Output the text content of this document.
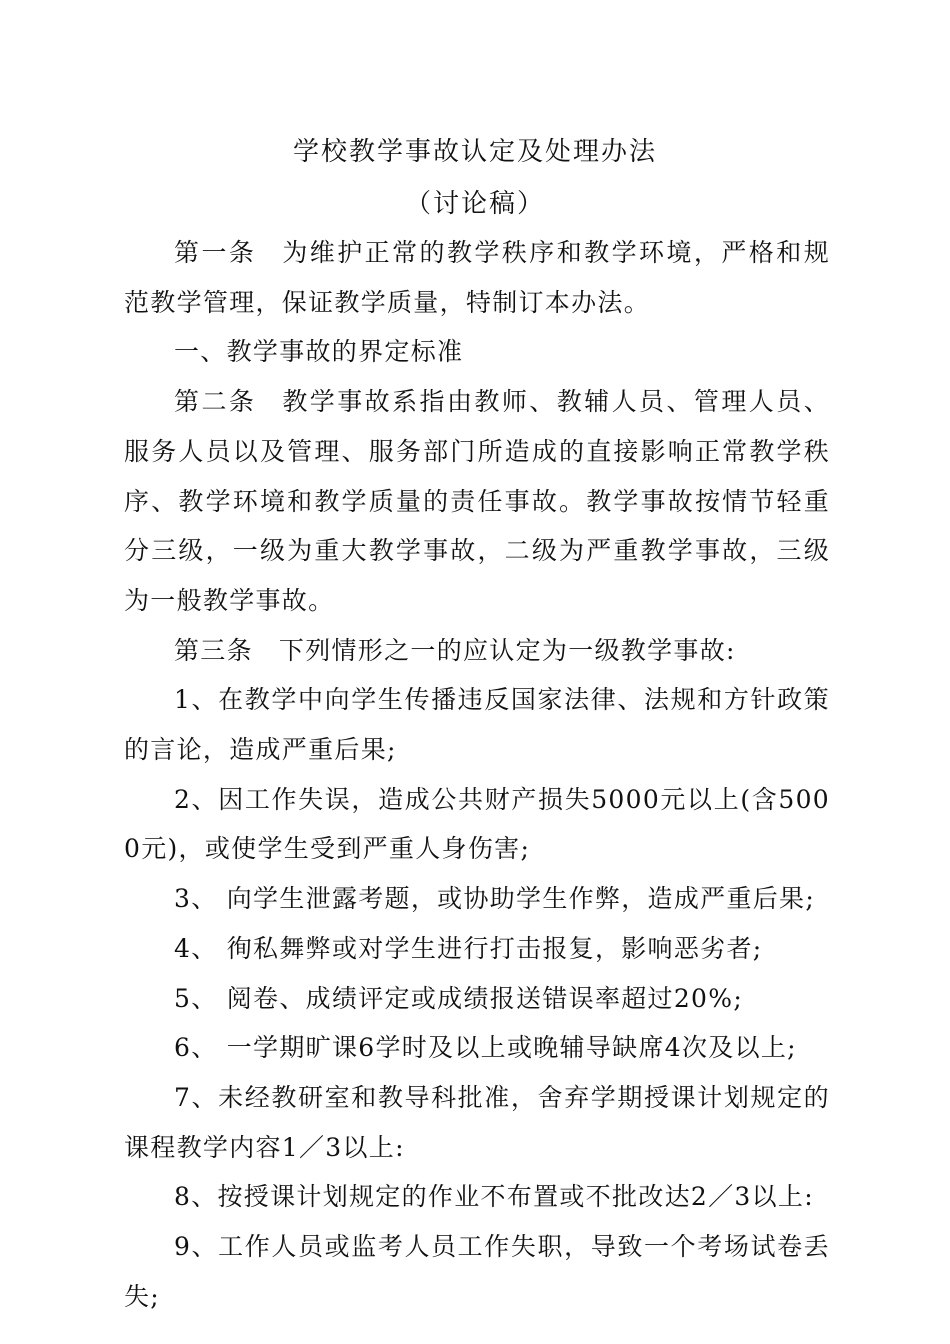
学校教学事故认定及处理办法
（讨论稿）

第一条 为维护正常的教学秩序和教学环境，严格和规范教学管理，保证教学质量，特制订本办法。

一、教学事故的界定标准

第二条 教学事故系指由教师、教辅人员、管理人员、服务人员以及管理、服务部门所造成的直接影响正常教学秩序、教学环境和教学质量的责任事故。教学事故按情节轻重分三级，一级为重大教学事故，二级为严重教学事故，三级为一般教学事故。

第三条 下列情形之一的应认定为一级教学事故:

1、在教学中向学生传播违反国家法律、法规和方针政策的言论，造成严重后果;

2、因工作失误，造成公共财产损失5000元以上(含5000元)，或使学生受到严重人身伤害;

3、 向学生泄露考题，或协助学生作弊，造成严重后果;

4、 徇私舞弊或对学生进行打击报复，影响恶劣者;

5、 阅卷、成绩评定或成绩报送错误率超过20%;

6、 一学期旷课6学时及以上或晚辅导缺席4次及以上;

7、未经教研室和教导科批准，舍弃学期授课计划规定的课程教学内容1／3以上:

8、按授课计划规定的作业不布置或不批改达2／3以上:

9、工作人员或监考人员工作失职，导致一个考场试卷丢失;
